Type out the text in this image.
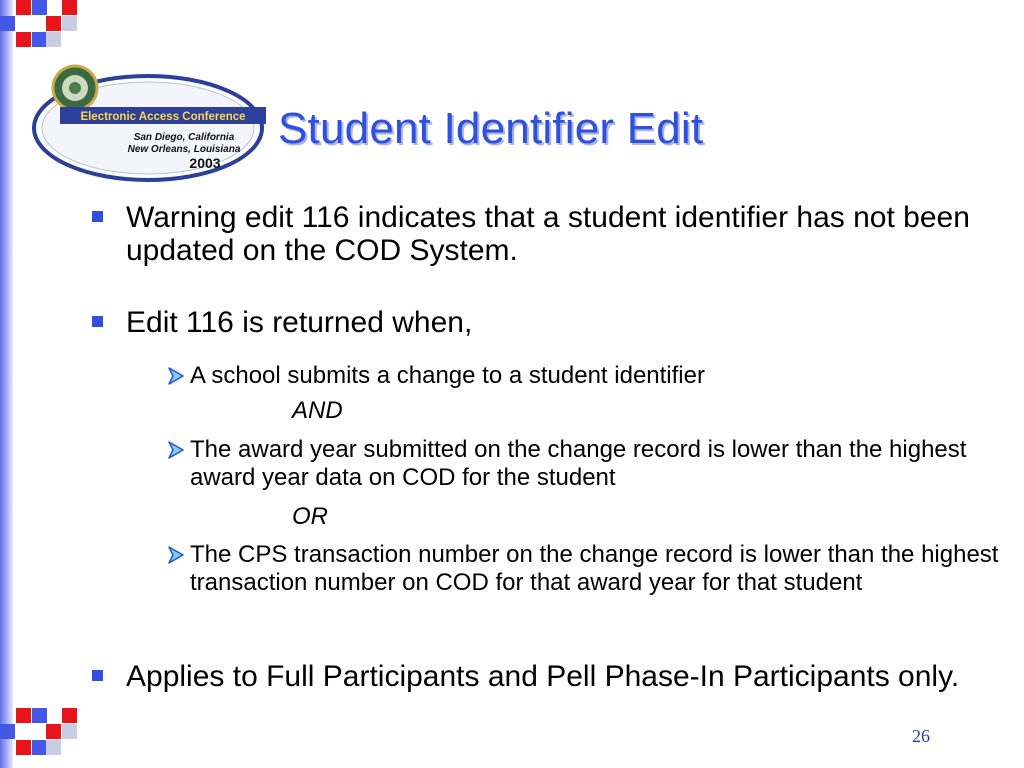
Electronic Access Conference
San Diego, California
New Orleans, Louisiana
2003
Student Identifier Edit
Warning edit 116 indicates that a student identifier has not been updated on the COD System.
Edit 116 is returned when,
A school submits a change to a student identifier
AND
The award year submitted on the change record is lower than the highest award year data on COD for the student
OR
The CPS transaction number on the change record is lower than the highest transaction number on COD for that award year for that student
Applies to Full Participants and Pell Phase-In Participants only.
26
